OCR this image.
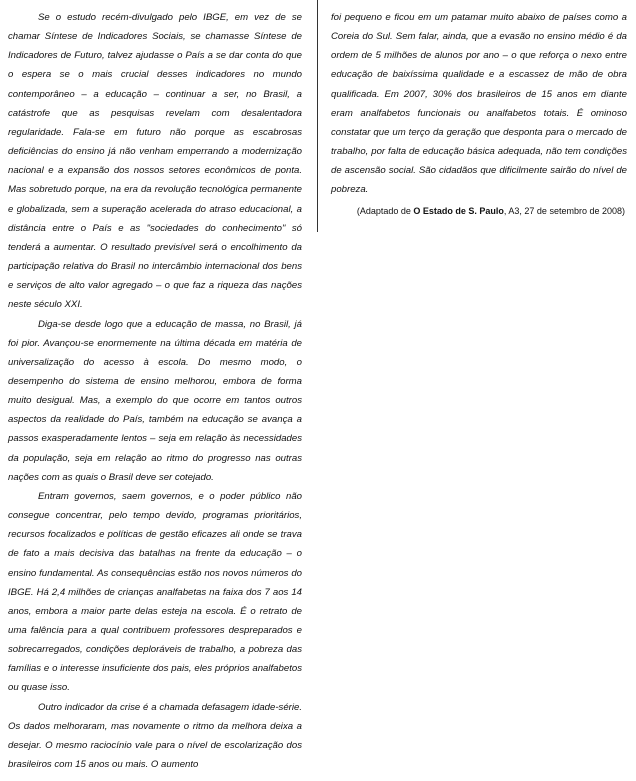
Se o estudo recém-divulgado pelo IBGE, em vez de se chamar Síntese de Indicadores Sociais, se chamasse Síntese de Indicadores de Futuro, talvez ajudasse o País a se dar conta do que o espera se o mais crucial desses indicadores no mundo contemporâneo – a educação – continuar a ser, no Brasil, a catástrofe que as pesquisas revelam com desalentadora regularidade. Fala-se em futuro não porque as escabrosas deficiências do ensino já não venham emperrando a modernização nacional e a expansão dos nossos setores econômicos de ponta. Mas sobretudo porque, na era da revolução tecnológica permanente e globalizada, sem a superação acelerada do atraso educacional, a distância entre o País e as "sociedades do conhecimento" só tenderá a aumentar. O resultado previsível será o encolhimento da participação relativa do Brasil no intercâmbio internacional dos bens e serviços de alto valor agregado – o que faz a riqueza das nações neste século XXI.

Diga-se desde logo que a educação de massa, no Brasil, já foi pior. Avançou-se enormemente na última década em matéria de universalização do acesso à escola. Do mesmo modo, o desempenho do sistema de ensino melhorou, embora de forma muito desigual. Mas, a exemplo do que ocorre em tantos outros aspectos da realidade do País, também na educação se avança a passos exasperadamente lentos – seja em relação às necessidades da população, seja em relação ao ritmo do progresso nas outras nações com as quais o Brasil deve ser cotejado.

Entram governos, saem governos, e o poder público não consegue concentrar, pelo tempo devido, programas prioritários, recursos focalizados e políticas de gestão eficazes ali onde se trava de fato a mais decisiva das batalhas na frente da educação – o ensino fundamental. As consequências estão nos novos números do IBGE. Há 2,4 milhões de crianças analfabetas na faixa dos 7 aos 14 anos, embora a maior parte delas esteja na escola. É o retrato de uma falência para a qual contribuem professores despreparados e sobrecarregados, condições deploráveis de trabalho, a pobreza das famílias e o interesse insuficiente dos pais, eles próprios analfabetos ou quase isso.

Outro indicador da crise é a chamada defasagem idade-série. Os dados melhoraram, mas novamente o ritmo da melhora deixa a desejar. O mesmo raciocínio vale para o nível de escolarização dos brasileiros com 15 anos ou mais. O aumento

foi pequeno e ficou em um patamar muito abaixo de países como a Coreia do Sul. Sem falar, ainda, que a evasão no ensino médio é da ordem de 5 milhões de alunos por ano – o que reforça o nexo entre educação de baixíssima qualidade e a escassez de mão de obra qualificada. Em 2007, 30% dos brasileiros de 15 anos em diante eram analfabetos funcionais ou analfabetos totais. É ominoso constatar que um terço da geração que desponta para o mercado de trabalho, por falta de educação básica adequada, não tem condições de ascensão social. São cidadãos que dificilmente sairão do nível de pobreza.

(Adaptado de O Estado de S. Paulo, A3, 27 de setembro de 2008)
